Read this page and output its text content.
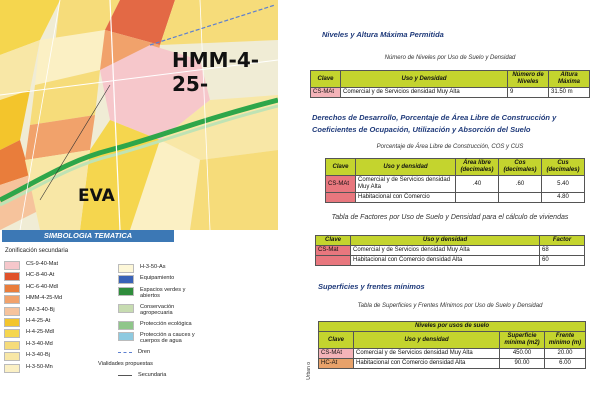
HMM-4-25-
EVA
SIMBOLOGIA TEMATICA
Zonificación secundaria
CS-9-40-Mat
HC-8-40-At
HC-6-40-Mdl
HMM-4-25-Md
HM-3-40-Bj
H-4-25-At
H-4-25-Mdl
H-3-40-Md
H-3-40-Bj
H-3-50-Mn
H-3-50-As
Equipamiento
Espacios verdes y abiertos
Conservación agropecuaria
Protección ecológica
Protección a cauces y cuerpos de agua
Dren
Vialidades propuestas
Secundaria
Niveles y Altura Máxima Permitida
Número de Niveles por Uso de Suelo y Densidad
Clave	Uso y Densidad	Número de Niveles	Altura Máxima
CS-MAt	Comercial y de Servicios densidad Muy Alta	9	31.50 m
Derechos de Desarrollo, Porcentaje de Área Libre de Construcción y Coeficientes de Ocupación, Utilización y Absorción del Suelo
Porcentaje de Área Libre de Construcción, COS y CUS
Clave	Uso y densidad	Área libre (decimales)	Cos (decimales)	Cus (decimales)
CS-MAt	Comercial y de Servicios densidad Muy Alta	.40	.60	5.40
	Habitacional con Comercio			4.80
Tabla de Factores por Uso de Suelo y Densidad para el cálculo de viviendas
Clave	Uso y densidad	Factor
CS-Mat	Comercial y de Servicios densidad Muy Alta	68
	Habitacional con Comercio densidad Alta	60
Superficies y frentes mínimos
Tabla de Superficies y Frentes Mínimos por Uso de Suelo y Densidad
Urban o
Niveles por usos de suelo			
Clave	Uso y densidad	Superficie mínima (m2)	Frente mínimo (m)
CS-MAt	Comercial y de Servicios densidad Muy Alta	450.00	20.00
HC-At	Habitacional con Comercio densidad Alta	90.00	6.00
